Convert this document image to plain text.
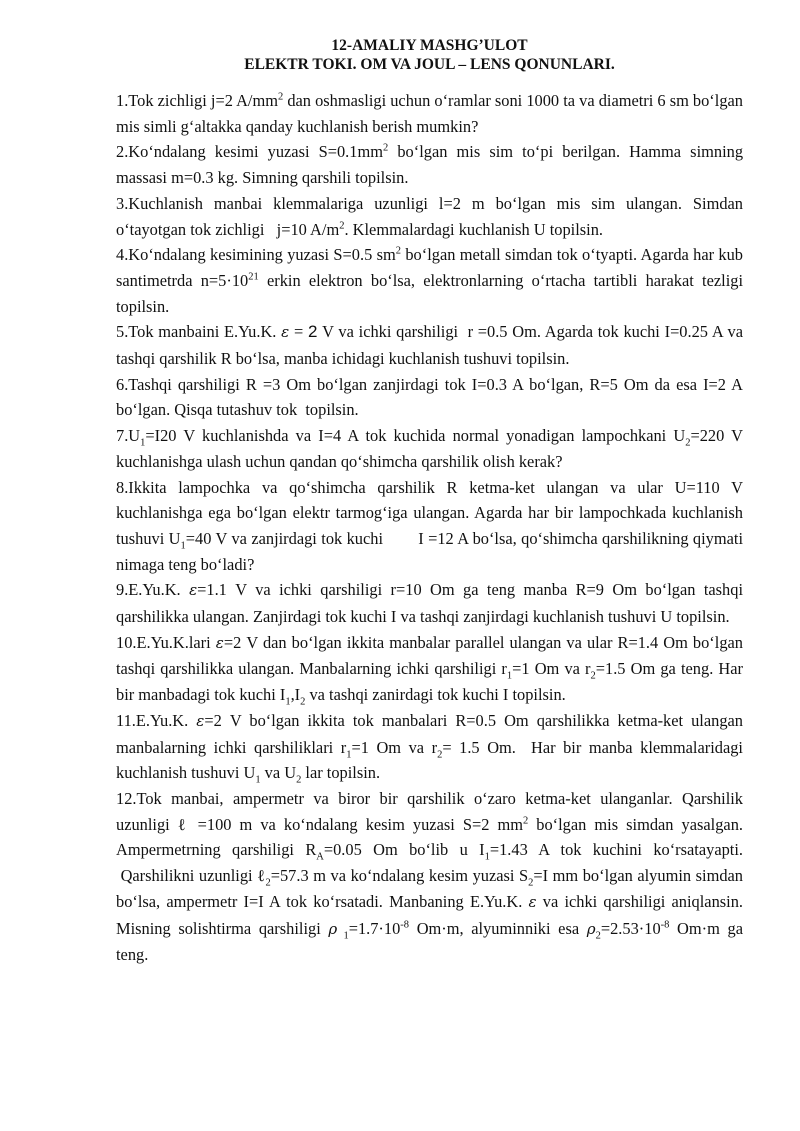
12-AMALIY MASHG’ULOT

ELEKTR TOKI. OM VA JOUL – LENS QONUNLARI.

1.Tok zichligi j=2 $A/mm^2$ dan oshmasligi uchun o‘ramlar soni 1000 ta va diametri 6 sm bo‘lgan mis simli g‘altakka qanday kuchlanish berish mumkin?

2.Ko‘ndalang kesimi yuzasi $S=0.1mm^2$ bo‘lgan mis sim to‘pi berilgan. Hamma simning massasi m=0.3 kg. Simning qarshili topilsin.

3.Kuchlanish manbai klemmalariga uzunligi l=2 m bo‘lgan mis sim ulangan. Simdan o‘tayotgan tok zichligi   j=10 $A/m^2$. Klemmalardagi kuchlanish U topilsin.

4.Ko‘ndalang kesimining yuzasi S=0.5 $sm^2$ bo‘lgan metall simdan tok o‘tyapti. Agarda har kub santimetrda $n=5\cdot 10^{21}$ erkin elektron bo‘lsa, elektronlarning o‘rtacha tartibli harakat tezligi topilsin.

5.Tok manbaini E.Yu.K. ε = 2 V va ichki qarshiligi  r =0.5 Om. Agarda tok kuchi I=0.25 A va tashqi qarshilik R bo‘lsa, manba ichidagi kuchlanish tushuvi topilsin.

6.Tashqi qarshiligi R =3 Om bo‘lgan zanjirdagi tok I=0.3 A bo‘lgan, R=5 Om da esa I=2 A bo‘lgan. Qisqa tutashuv tok  topilsin.

$7.U_1=I20$ V kuchlanishda va I=4 A tok kuchida normal yonadigan lampochkani $U_2=220$ V kuchlanishga ulash uchun qandan qo‘shimcha qarshilik olish kerak?

8.Ikkita lampochka va qo‘shimcha qarshilik R ketma-ket ulangan va ular U=110 V kuchlanishga ega bo‘lgan elektr tarmog‘iga ulangan. Agarda har bir lampochkada kuchlanish tushuvi $U_1=40$ V va zanjirdagi tok kuchi        I =12 A bo‘lsa, qo‘shimcha qarshilikning qiymati nimaga teng bo‘ladi?

9.E.Yu.K. ε=1.1 V va ichki qarshiligi r=10 Om ga teng manba R=9 Om bo‘lgan tashqi qarshilikka ulangan. Zanjirdagi tok kuchi I va tashqi zanjirdagi kuchlanish tushuvi U topilsin.

10.E.Yu.K.lari ε=2 V dan bo‘lgan ikkita manbalar parallel ulangan va ular R=1.4 Om bo‘lgan tashqi qarshilikka ulangan. Manbalarning ichki qarshiligi $r_1=1$ Om va $r_2=1.5$ Om ga teng. Har bir manbadagi tok kuchi $I_1,I_2$ va tashqi zanirdagi tok kuchi I topilsin.

11.E.Yu.K. ε=2 V bo‘lgan ikkita tok manbalari R=0.5 Om qarshilikka ketma-ket ulangan manbalarning ichki qarshiliklari $r_1=1$ Om va $r_2= 1.5$ Om.  Har bir manba klemmalaridagi kuchlanish tushuvi $U_1$ va $U_2$ lar topilsin.

12.Tok manbai, ampermetr va biror bir qarshilik o‘zaro ketma-ket ulanganlar. Qarshilik uzunligi ℓ =100 m va ko‘ndalang kesim yuzasi S=2 $mm^2$ bo‘lgan mis simdan yasalgan. Ampermetrning qarshiligi $R_A=0.05$ Om bo‘lib u $I_1=1.43$ A tok kuchini ko‘rsatayapti.  Qarshilikni uzunligi ℓ$_2$=57.3 m va ko‘ndalang kesim yuzasi $S_2=I$ mm bo‘lgan alyumin simdan bo‘lsa, ampermetr I=I A tok ko‘rsatadi. Manbaning E.Yu.K. ε va ichki qarshiligi aniqlansin. Misning solishtirma qarshiligi ρ $_1=1.7\cdot 10^{-8}$ Om·m, alyuminniki esa $\rho_2=2.53\cdot 10^{-8}$ Om·m ga teng.
